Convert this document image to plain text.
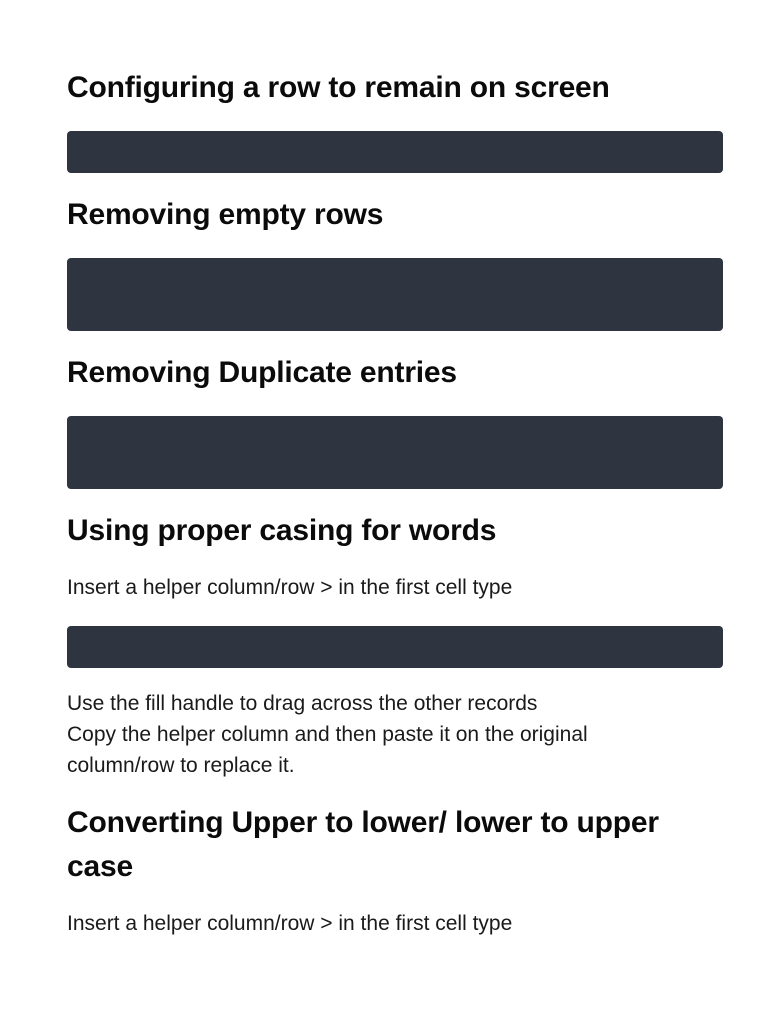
Configuring a row to remain on screen

Removing empty rows

Removing Duplicate entries

Using proper casing for words

Insert a helper column/row > in the first cell type

Use the fill handle to drag across the other records

Copy the helper column and then paste it on the original

column/row to replace it.

Converting Upper to lower/ lower to upper case

Insert a helper column/row > in the first cell type
